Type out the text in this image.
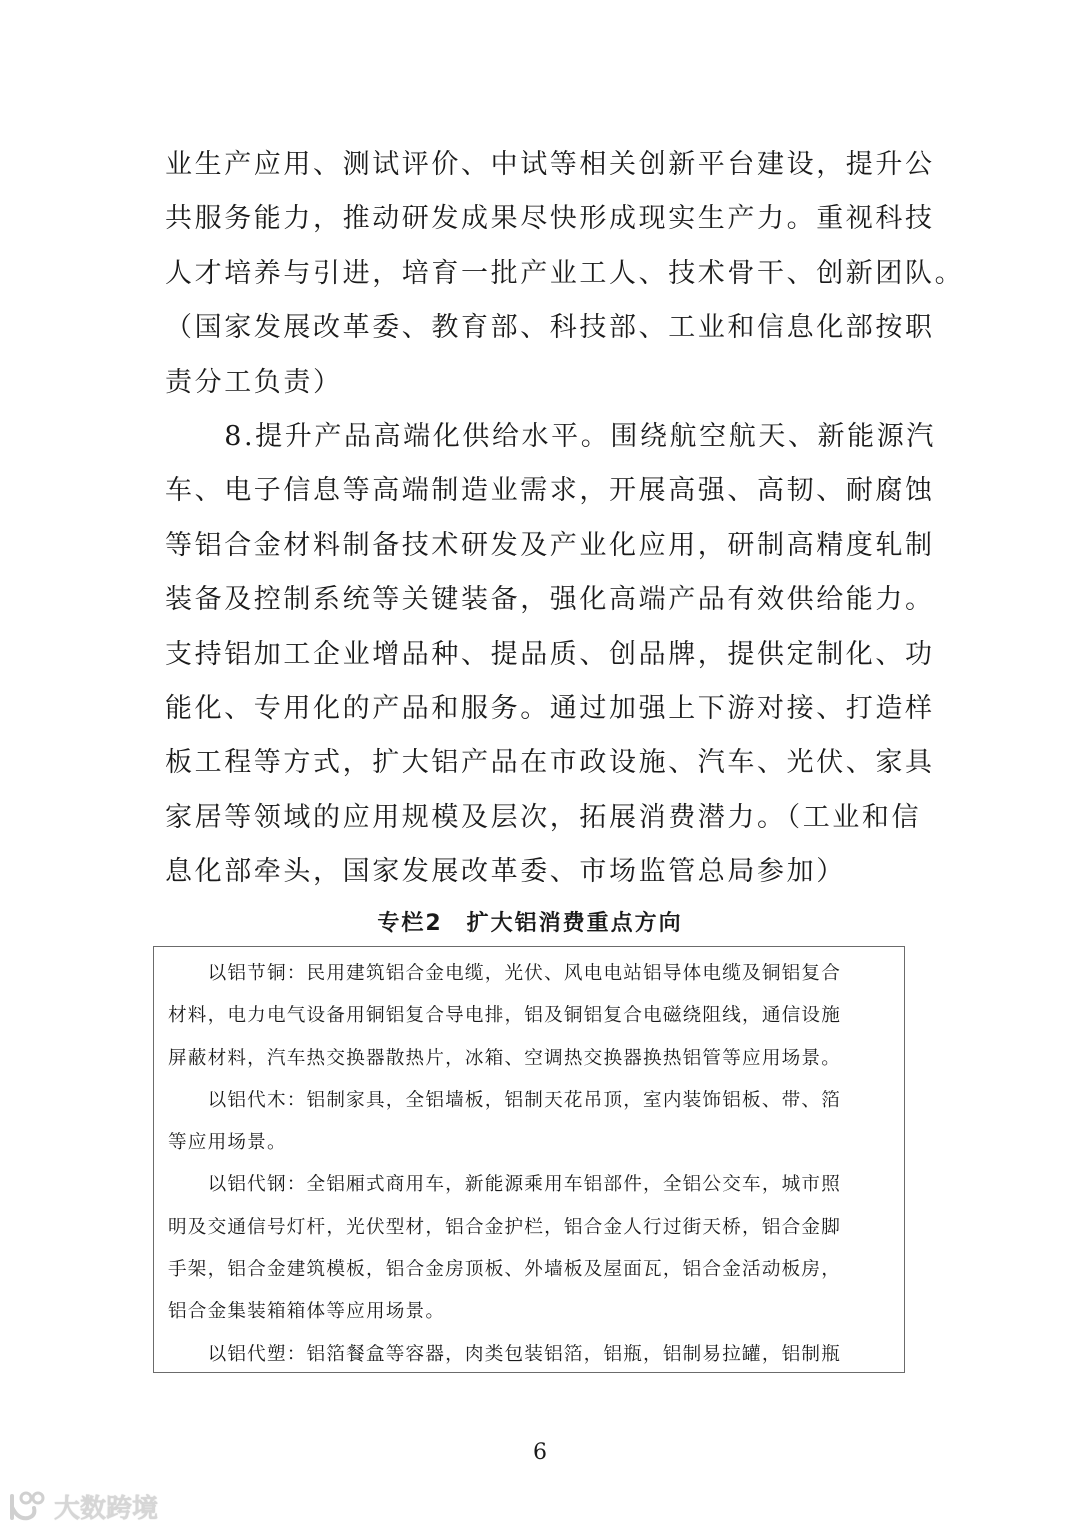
业生产应用、测试评价、中试等相关创新平台建设，提升公
共服务能力，推动研发成果尽快形成现实生产力。重视科技
人才培养与引进，培育一批产业工人、技术骨干、创新团队。
（国家发展改革委、教育部、科技部、工业和信息化部按职
责分工负责）
　　8.提升产品高端化供给水平。围绕航空航天、新能源汽
车、电子信息等高端制造业需求，开展高强、高韧、耐腐蚀
等铝合金材料制备技术研发及产业化应用，研制高精度轧制
装备及控制系统等关键装备，强化高端产品有效供给能力。
支持铝加工企业增品种、提品质、创品牌，提供定制化、功
能化、专用化的产品和服务。通过加强上下游对接、打造样
板工程等方式，扩大铝产品在市政设施、汽车、光伏、家具
家居等领域的应用规模及层次，拓展消费潜力。（工业和信
息化部牵头，国家发展改革委、市场监管总局参加）
专栏2　扩大铝消费重点方向
　　以铝节铜：民用建筑铝合金电缆，光伏、风电电站铝导体电缆及铜铝复合
材料，电力电气设备用铜铝复合导电排，铝及铜铝复合电磁绕阻线，通信设施
屏蔽材料，汽车热交换器散热片，冰箱、空调热交换器换热铝管等应用场景。
　　以铝代木：铝制家具，全铝墙板，铝制天花吊顶，室内装饰铝板、带、箔
等应用场景。
　　以铝代钢：全铝厢式商用车，新能源乘用车铝部件，全铝公交车，城市照
明及交通信号灯杆，光伏型材，铝合金护栏，铝合金人行过街天桥，铝合金脚
手架，铝合金建筑模板，铝合金房顶板、外墙板及屋面瓦，铝合金活动板房，
铝合金集装箱箱体等应用场景。
　　以铝代塑：铝箔餐盒等容器，肉类包装铝箔，铝瓶，铝制易拉罐，铝制瓶
6
大数跨境
